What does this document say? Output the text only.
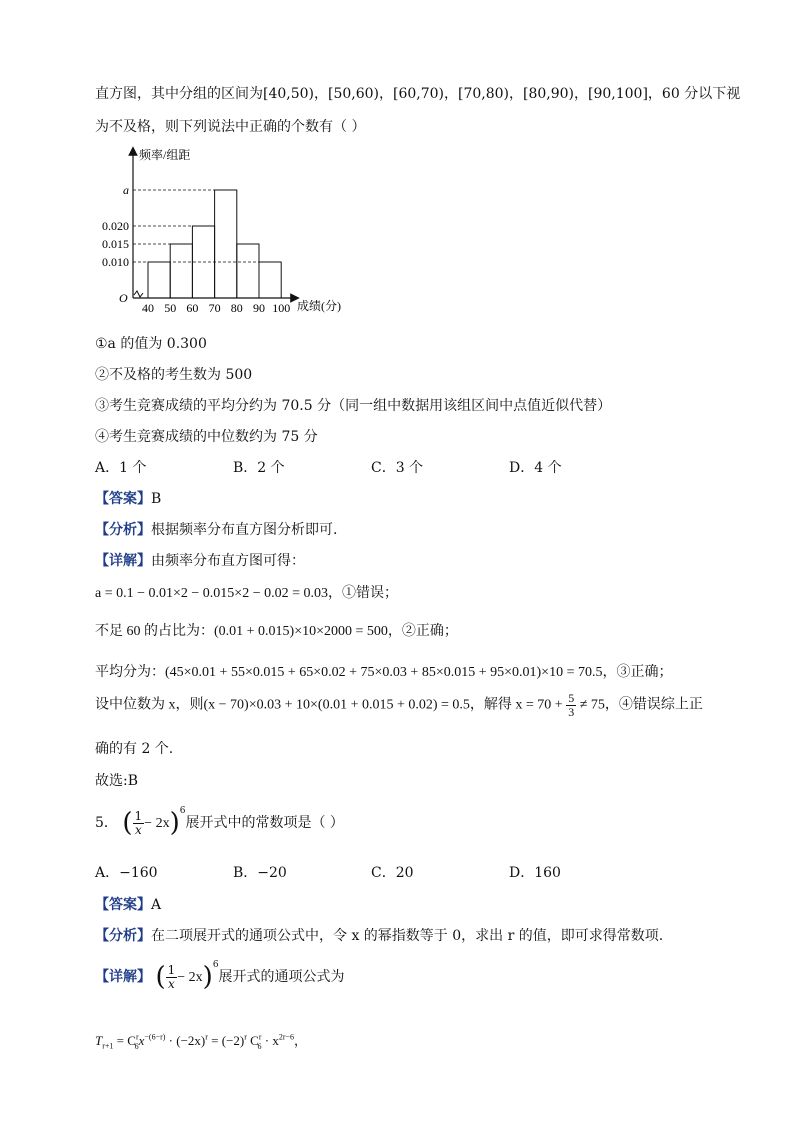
直方图，其中分组的区间为[40,50)，[50,60)，[60,70)，[70,80)，[80,90)，[90,100]，60 分以下视
为不及格，则下列说法中正确的个数有（ ）
频率/组距
成绩(分)
O
40 50 60 70 80 90 100
a
0.020
0.015
0.010
①a 的值为 0.300
②不及格的考生数为 500
③考生竞赛成绩的平均分约为 70.5 分（同一组中数据用该组区间中点值近似代替）
④考生竞赛成绩的中位数约为 75 分
A．1 个	B．2 个	C．3 个	D．4 个
【答案】B
【分析】根据频率分布直方图分析即可.
【详解】由频率分布直方图可得：
a = 0.1 − 0.01×2 − 0.015×2 − 0.02 = 0.03，①错误；
不足 60 的占比为：(0.01 + 0.015)×10×2000 = 500，②正确；
平均分为：(45×0.01 + 55×0.015 + 65×0.02 + 75×0.03 + 85×0.015 + 95×0.01)×10 = 70.5，③正确；
设中位数为 x，则(x − 70)×0.03 + 10×(0.01 + 0.015 + 0.02) = 0.5，解得 $x = 70 + \frac{5}{3} \ne 75$，④错误综上正
确的有 2 个.
故选:B
5． ( $\frac{1}{x} - 2x)^6$展开式中的常数项是（ ）
A．−160	B．−20	C．20	D．160
【答案】A
【分析】在二项展开式的通项公式中，令 x 的幂指数等于 0，求出 r 的值，即可求得常数项.
【详解】 ( $\frac{1}{x} - 2x)^6$展开式的通项公式为
$T_{r+1} = C^r_6x^{-(6-r)} \cdot (-2x)^r = (-2)^r$ $C^r_6 \cdot x^{2r-6}$，
